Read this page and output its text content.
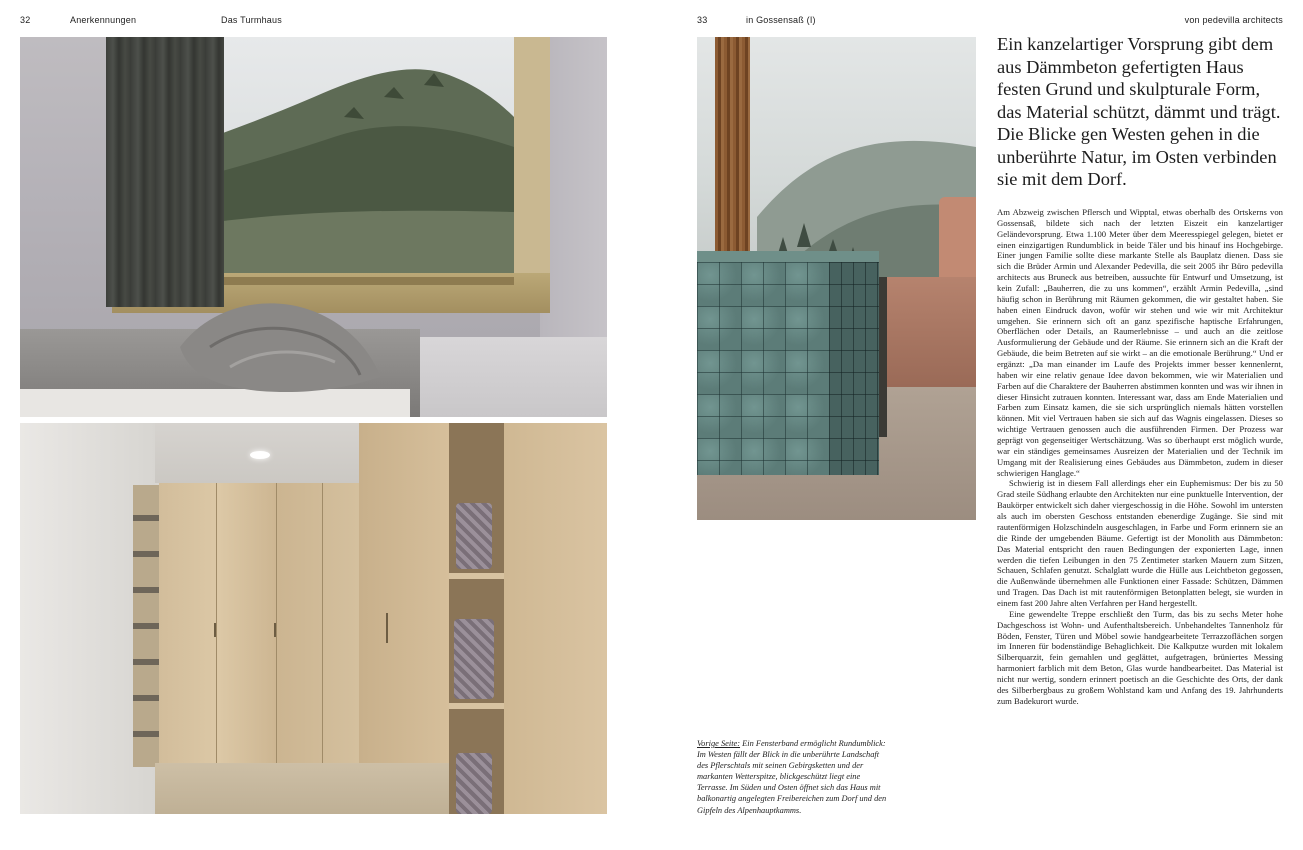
32	Anerkennungen	Das Turmhaus	33	in Gossensaß (I)	von pedevilla architects
Ein kanzelartiger Vorsprung gibt dem aus Dämmbeton gefertigten Haus festen Grund und skulpturale Form, das Material schützt, dämmt und trägt. Die Blicke gen Westen gehen in die unberührte Natur, im Osten verbinden sie mit dem Dorf.

Am Abzweig zwischen Pflersch und Wipptal, etwas oberhalb des Ortskerns von Gossensaß, bildete sich nach der letzten Eiszeit ein kanzelartiger Geländevorsprung. Etwa 1.100 Meter über dem Meeresspiegel gelegen, bietet er einen einzigartigen Rundumblick in beide Täler und bis hinauf ins Hochgebirge. Einer jungen Familie sollte diese markante Stelle als Bauplatz dienen. Dass sie sich die Brüder Armin und Alexander Pedevilla, die seit 2005 ihr Büro pedevilla architects aus Bruneck aus betreiben, aussuchte für Entwurf und Umsetzung, ist kein Zufall: „Bauherren, die zu uns kommen“, erzählt Armin Pedevilla, „sind häufig schon in Berührung mit Räumen gekommen, die wir gestaltet haben. Sie haben einen Eindruck davon, wofür wir stehen und wie wir mit Architektur umgehen. Sie erinnern sich oft an ganz spezifische haptische Erfahrungen, Oberflächen oder Details, an Raumerlebnisse – und auch an die zeitlose Ausformulierung der Gebäude und der Räume. Sie erinnern sich an die Kraft der Gebäude, die beim Betreten auf sie wirkt – an die emotionale Berührung.“ Und er ergänzt: „Da man einander im Laufe des Projekts immer besser kennenlernt, haben wir eine relativ genaue Idee davon bekommen, wie wir Materialien und Farben auf die Charaktere der Bauherren abstimmen konnten und was wir ihnen in dieser Hinsicht zutrauen konnten. Interessant war, dass am Ende Materialien und Farben zum Einsatz kamen, die sie sich ursprünglich niemals hätten vorstellen können. Mit viel Vertrauen haben sie sich auf das Wagnis eingelassen. Dieses so wichtige Vertrauen genossen auch die ausführenden Firmen. Der Prozess war geprägt von gegenseitiger Wertschätzung. Was so überhaupt erst möglich wurde, war ein ständiges gemeinsames Ausreizen der Materialien und der Technik im Umgang mit der Realisierung eines Gebäudes aus Dämmbeton, zudem in dieser schwierigen Hanglage.“

Schwierig ist in diesem Fall allerdings eher ein Euphemismus: Der bis zu 50 Grad steile Südhang erlaubte den Architekten nur eine punktuelle Intervention, der Baukörper entwickelt sich daher viergeschossig in die Höhe. Sowohl im untersten als auch im obersten Geschoss entstanden ebenerdige Zugänge. Sie sind mit rautenförmigen Holzschindeln ausgeschlagen, in Farbe und Form erinnern sie an die Rinde der umgebenden Bäume. Gefertigt ist der Monolith aus Dämmbeton: Das Material entspricht den rauen Bedingungen der exponierten Lage, innen werden die tiefen Leibungen in den 75 Zentimeter starken Mauern zum Sitzen, Schauen, Schlafen genutzt. Schalglatt wurde die Hülle aus Leichtbeton gegossen, die Außenwände übernehmen alle Funktionen einer Fassade: Schützen, Dämmen und Tragen. Das Dach ist mit rautenförmigen Betonplatten belegt, sie wurden in einem fast 200 Jahre alten Verfahren per Hand hergestellt.

Eine gewendelte Treppe erschließt den Turm, das bis zu sechs Meter hohe Dachgeschoss ist Wohn- und Aufenthaltsbereich. Unbehandeltes Tannenholz für Böden, Fenster, Türen und Möbel sowie handgearbeitete Terrazzoflächen sorgen im Inneren für bodenständige Behaglichkeit. Die Kalkputze wurden mit lokalem Silberquarzit, fein gemahlen und geglättet, aufgetragen, brüniertes Messing harmoniert farblich mit dem Beton, Glas wurde handbearbeitet. Das Material ist nicht nur wertig, sondern erinnert poetisch an die Geschichte des Orts, der dank des Silberbergbaus zu großem Wohlstand kam und Anfang des 19. Jahrhunderts zum Badekurort wurde.

Vorige Seite: Ein Fensterband ermöglicht Rundumblick: Im Westen fällt der Blick in die unberührte Landschaft des Pflerschtals mit seinen Gebirgsketten und der markanten Wetterspitze, blickgeschützt liegt eine Terrasse. Im Süden und Osten öffnet sich das Haus mit balkonartig angelegten Freibereichen zum Dorf und den Gipfeln des Alpenhauptkamms.
